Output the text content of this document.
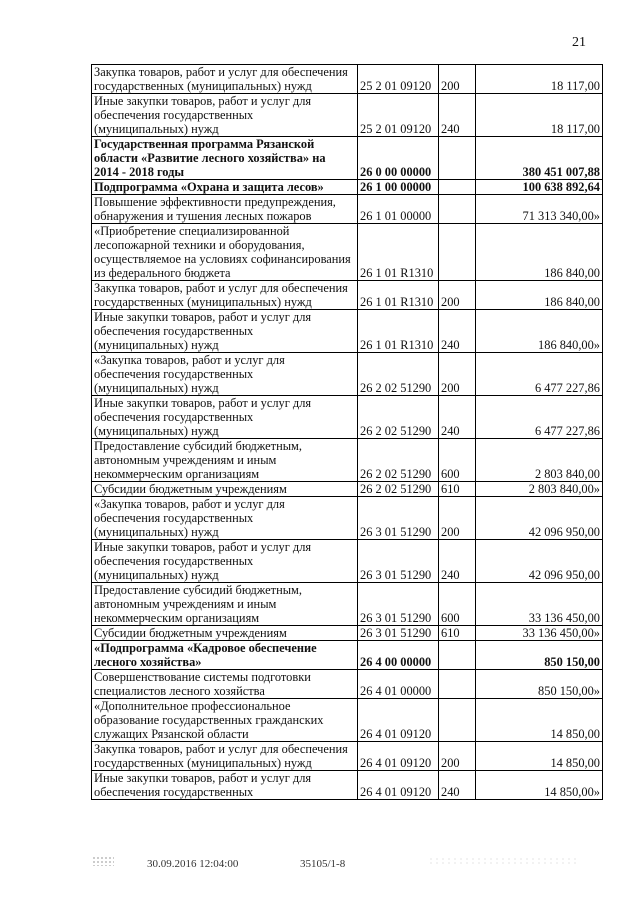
21
Закупка товаров, работ и услуг для обеспечения
государственных (муниципальных) нужд	25 2 01 09120	200	18 117,00
Иные закупки товаров, работ и услуг для
обеспечения государственных
(муниципальных) нужд	25 2 01 09120	240	18 117,00
Государственная программа Рязанской
области «Развитие лесного хозяйства» на
2014 - 2018 годы	26 0 00 00000		380 451 007,88
Подпрограмма «Охрана и защита лесов»	26 1 00 00000		100 638 892,64
Повышение эффективности предупреждения,
обнаружения и тушения лесных пожаров	26 1 01 00000		71 313 340,00»
«Приобретение специализированной
лесопожарной техники и оборудования,
осуществляемое на условиях софинансирования
из федерального бюджета	26 1 01 R1310		186 840,00
Закупка товаров, работ и услуг для обеспечения
государственных (муниципальных) нужд	26 1 01 R1310	200	186 840,00
Иные закупки товаров, работ и услуг для
обеспечения государственных
(муниципальных) нужд	26 1 01 R1310	240	186 840,00»
«Закупка товаров, работ и услуг для
обеспечения государственных
(муниципальных) нужд	26 2 02 51290	200	6 477 227,86
Иные закупки товаров, работ и услуг для
обеспечения государственных
(муниципальных) нужд	26 2 02 51290	240	6 477 227,86
Предоставление субсидий бюджетным,
автономным учреждениям и иным
некоммерческим организациям	26 2 02 51290	600	2 803 840,00
Субсидии бюджетным учреждениям	26 2 02 51290	610	2 803 840,00»
«Закупка товаров, работ и услуг для
обеспечения государственных
(муниципальных) нужд	26 3 01 51290	200	42 096 950,00
Иные закупки товаров, работ и услуг для
обеспечения государственных
(муниципальных) нужд	26 3 01 51290	240	42 096 950,00
Предоставление субсидий бюджетным,
автономным учреждениям и иным
некоммерческим организациям	26 3 01 51290	600	33 136 450,00
Субсидии бюджетным учреждениям	26 3 01 51290	610	33 136 450,00»
«Подпрограмма «Кадровое обеспечение
лесного хозяйства»	26 4 00 00000		850 150,00
Совершенствование системы подготовки
специалистов лесного хозяйства	26 4 01 00000		850 150,00»
«Дополнительное профессиональное
образование государственных гражданских
служащих Рязанской области	26 4 01 09120		14 850,00
Закупка товаров, работ и услуг для обеспечения
государственных (муниципальных) нужд	26 4 01 09120	200	14 850,00
Иные закупки товаров, работ и услуг для
обеспечения государственных	26 4 01 09120	240	14 850,00»
30.09.2016 12:04:00	35105/1-8
